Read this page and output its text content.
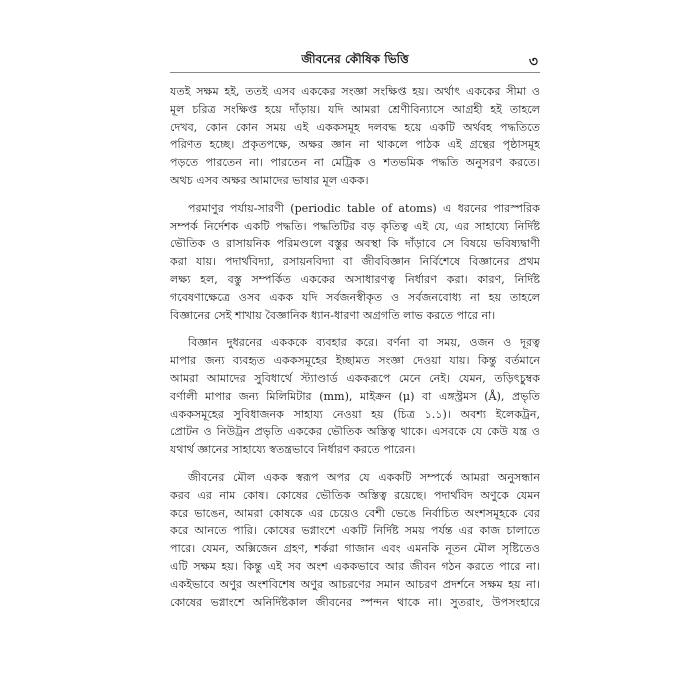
জীবনের কৌষিক ভিত্তি	৩
যতই সক্ষম হই, ততই এসব এককের সংজ্ঞা সংক্ষিপ্ত হয়। অর্থাৎ এককের সীমা ও
মূল চরিত্র সংক্ষিপ্ত হয়ে দাঁড়ায়। যদি আমরা শ্রেণীবিন্যাসে আগ্রহী হই তাহলে
দেখব, কোন কোন সময় এই এককসমূহ দলবদ্ধ হয়ে একটি অর্থবহ পদ্ধতিতে
পরিণত হচ্ছে। প্রকৃতপক্ষে, অক্ষর জ্ঞান না থাকলে পাঠক এই গ্রন্থের পৃষ্ঠাসমূহ
পড়তে পারতেন না। পারতেন না মেট্রিক ও শতভমিক পদ্ধতি অনুসরণ করতে।
অথচ এসব অক্ষর আমাদের ভাষার মূল একক।
পরমাণুর পর্যায়-সারণী (periodic table of atoms) এ ধরনের পারস্পরিক
সম্পর্ক নির্দেশক একটি পদ্ধতি। পদ্ধতিটির বড় কৃতিত্ব এই যে, এর সাহায্যে নির্দিষ্ট
ভৌতিক ও রাসায়নিক পরিমণ্ডলে বস্তুর অবস্থা কি দাঁড়াবে সে বিষয়ে ভবিষ্যদ্বাণী
করা যায়। পদার্থবিদ্যা, রসায়নবিদ্যা বা জীববিজ্ঞান নির্বিশেষে বিজ্ঞানের প্রথম
লক্ষ্য হল, বস্তু সম্পর্কিত এককের অসাধারণত্ব নির্ধারণ করা। কারণ, নির্দিষ্ট
গবেষণাক্ষেত্রে ওসব একক যদি সর্বজনস্বীকৃত ও সর্বজনবোধ্য না হয় তাহলে
বিজ্ঞানের সেই শাখায় বৈজ্ঞানিক ধ্যান-ধারণা অগ্রগতি লাভ করতে পারে না।
বিজ্ঞান দুধরনের একককে ব্যবহার করে। বর্ণনা বা সময়, ওজন ও দূরত্ব
মাপার জন্য ব্যবহৃত এককসমূহের ইচ্ছামত সংজ্ঞা দেওয়া যায়। কিন্তু বর্তমানে
আমরা আমাদের সুবিধার্থে স্ট্যাণ্ডার্ড এককরূপে মেনে নেই। যেমন, তড়িৎচুম্বক
বর্ণালী মাপার জন্য মিলিমিটার (mm), মাইক্রন (μ) বা এঙ্গস্ট্রমস (Å), প্রভৃতি
এককসমূহের সুবিধাজনক সাহায্য নেওয়া হয় (চিত্র ১.১)। অবশ্য ইলেকট্রন,
প্রোটন ও নিউট্রন প্রভৃতি এককের ভৌতিক অস্তিত্ব থাকে। এসবকে যে কেউ যন্ত্র ও
যথার্থ জ্ঞানের সাহায্যে স্বতন্ত্রভাবে নির্ধারণ করতে পারেন।
জীবনের মৌল একক স্বরূপ অপর যে এককটি সম্পর্কে আমরা অনুসন্ধান
করব এর নাম কোষ। কোষের ভৌতিক অস্তিত্ব রয়েছে। পদার্থবিদ অণুকে যেমন
করে ভাঙেন, আমরা কোষকে এর চেয়েও বেশী ভেঙে নির্বাচিত অংশসমূহকে বের
করে আনতে পারি। কোষের ভগ্নাংশে একটি নির্দিষ্ট সময় পর্যন্ত এর কাজ চালাতে
পারে। যেমন, অক্সিজেন গ্রহণ, শর্করা গাজান এবং এমনকি নূতন মৌল সৃষ্টিতেও
এটি সক্ষম হয়। কিন্তু এই সব অংশ এককভাবে আর জীবন গঠন করতে পারে না।
একইভাবে অণুর অংশবিশেষ অণুর আচরণের সমান আচরণ প্রদর্শনে সক্ষম হয় না।
কোষের ভগ্নাংশে অনির্দিষ্টকাল জীবনের স্পন্দন থাকে না। সুতরাং, উপসংহারে
